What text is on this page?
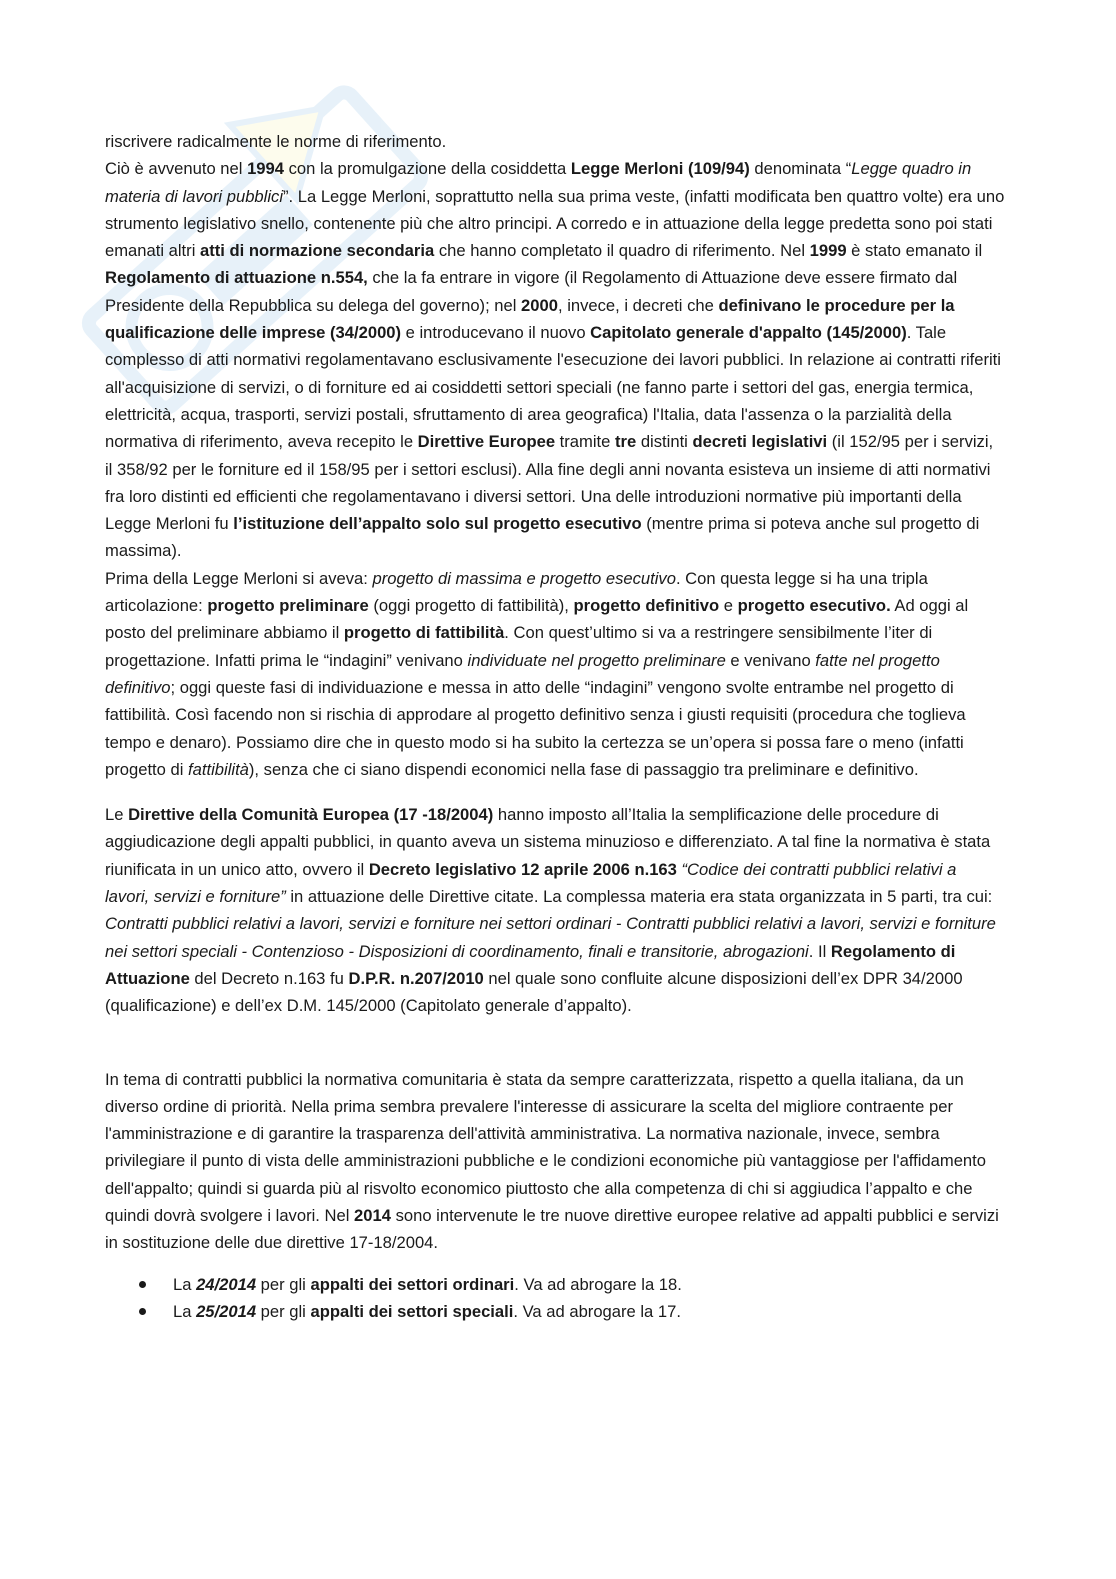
riscrivere radicalmente le norme di riferimento.
Ciò è avvenuto nel 1994 con la promulgazione della cosiddetta Legge Merloni (109/94) denominata “Legge quadro in materia di lavori pubblici”. La Legge Merloni, soprattutto nella sua prima veste, (infatti modificata ben quattro volte) era uno strumento legislativo snello, contenente più che altro principi. A corredo e in attuazione della legge predetta sono poi stati emanati altri atti di normazione secondaria che hanno completato il quadro di riferimento. Nel 1999 è stato emanato il Regolamento di attuazione n.554, che la fa entrare in vigore (il Regolamento di Attuazione deve essere firmato dal Presidente della Repubblica su delega del governo); nel 2000, invece, i decreti che definivano le procedure per la qualificazione delle imprese (34/2000) e introducevano il nuovo Capitolato generale d'appalto (145/2000). Tale complesso di atti normativi regolamentavano esclusivamente l'esecuzione dei lavori pubblici. In relazione ai contratti riferiti all'acquisizione di servizi, o di forniture ed ai cosiddetti settori speciali (ne fanno parte i settori del gas, energia termica, elettricità, acqua, trasporti, servizi postali, sfruttamento di area geografica) l'Italia, data l'assenza o la parzialità della normativa di riferimento, aveva recepito le Direttive Europee tramite tre distinti decreti legislativi (il 152/95 per i servizi, il 358/92 per le forniture ed il 158/95 per i settori esclusi). Alla fine degli anni novanta esisteva un insieme di atti normativi fra loro distinti ed efficienti che regolamentavano i diversi settori. Una delle introduzioni normative più importanti della Legge Merloni fu l’istituzione dell’appalto solo sul progetto esecutivo (mentre prima si poteva anche sul progetto di massima).
Prima della Legge Merloni si aveva: progetto di massima e progetto esecutivo. Con questa legge si ha una tripla articolazione: progetto preliminare (oggi progetto di fattibilità), progetto definitivo e progetto esecutivo. Ad oggi al posto del preliminare abbiamo il progetto di fattibilità. Con quest’ultimo si va a restringere sensibilmente l’iter di progettazione. Infatti prima le “indagini” venivano individuate nel progetto preliminare e venivano fatte nel progetto definitivo; oggi queste fasi di individuazione e messa in atto delle “indagini” vengono svolte entrambe nel progetto di fattibilità. Così facendo non si rischia di approdare al progetto definitivo senza i giusti requisiti (procedura che toglieva tempo e denaro). Possiamo dire che in questo modo si ha subito la certezza se un’opera si possa fare o meno (infatti progetto di fattibilità), senza che ci siano dispendi economici nella fase di passaggio tra preliminare e definitivo.

Le Direttive della Comunità Europea (17 -18/2004) hanno imposto all’Italia la semplificazione delle procedure di aggiudicazione degli appalti pubblici, in quanto aveva un sistema minuzioso e differenziato. A tal fine la normativa è stata riunificata in un unico atto, ovvero il Decreto legislativo 12 aprile 2006 n.163 “Codice dei contratti pubblici relativi a lavori, servizi e forniture” in attuazione delle Direttive citate. La complessa materia era stata organizzata in 5 parti, tra cui: Contratti pubblici relativi a lavori, servizi e forniture nei settori ordinari - Contratti pubblici relativi a lavori, servizi e forniture nei settori speciali - Contenzioso - Disposizioni di coordinamento, finali e transitorie, abrogazioni. Il Regolamento di Attuazione del Decreto n.163 fu D.P.R. n.207/2010 nel quale sono confluite alcune disposizioni dell’ex DPR 34/2000 (qualificazione) e dell’ex D.M. 145/2000 (Capitolato generale d’appalto).

In tema di contratti pubblici la normativa comunitaria è stata da sempre caratterizzata, rispetto a quella italiana, da un diverso ordine di priorità. Nella prima sembra prevalere l'interesse di assicurare la scelta del migliore contraente per l'amministrazione e di garantire la trasparenza dell'attività amministrativa. La normativa nazionale, invece, sembra privilegiare il punto di vista delle amministrazioni pubbliche e le condizioni economiche più vantaggiose per l'affidamento dell'appalto; quindi si guarda più al risvolto economico piuttosto che alla competenza di chi si aggiudica l’appalto e che quindi dovrà svolgere i lavori. Nel 2014 sono intervenute le tre nuove direttive europee relative ad appalti pubblici e servizi in sostituzione delle due direttive 17-18/2004.

La 24/2014 per gli appalti dei settori ordinari. Va ad abrogare la 18.
La 25/2014 per gli appalti dei settori speciali. Va ad abrogare la 17.
